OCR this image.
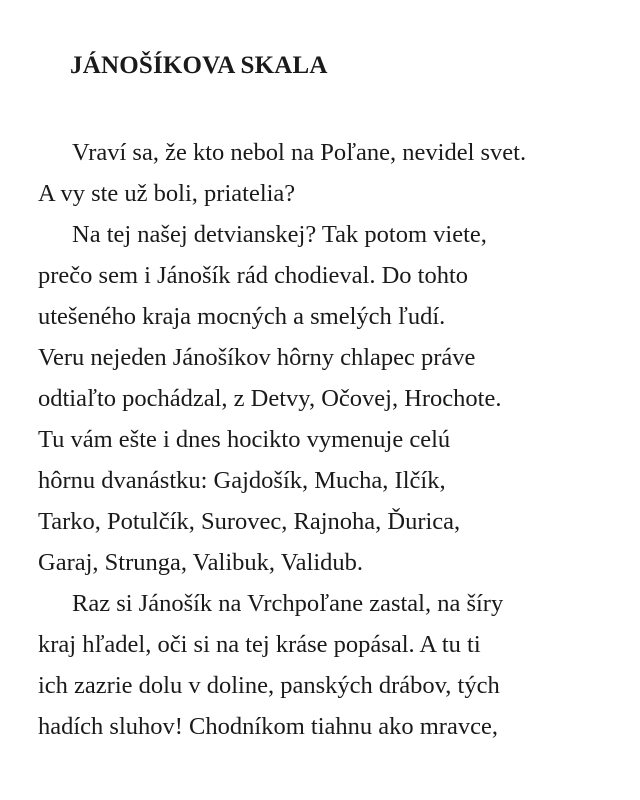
JÁNOŠÍKOVA SKALA
Vraví sa, že kto nebol na Poľane, nevidel svet.
A vy ste už boli, priatelia?
Na tej našej detvianskej? Tak potom viete,
prečo sem i Jánošík rád chodieval. Do tohto
utešeného kraja mocných a smelých ľudí.
Veru nejeden Jánošíkov hôrny chlapec práve
odtiaľto pochádzal, z Detvy, Očovej, Hrochote.
Tu vám ešte i dnes hocikto vymenuje celú
hôrnu dvanástku: Gajdošík, Mucha, Ilčík,
Tarko, Potulčík, Surovec, Rajnoha, Ďurica,
Garaj, Strunga, Valibuk, Validub.
Raz si Jánošík na Vrchpoľane zastal, na šíry
kraj hľadel, oči si na tej kráse popásal. A tu ti
ich zazrie dolu v doline, panských drábov, tých
hadích sluhov! Chodníkom tiahnu ako mravce,
